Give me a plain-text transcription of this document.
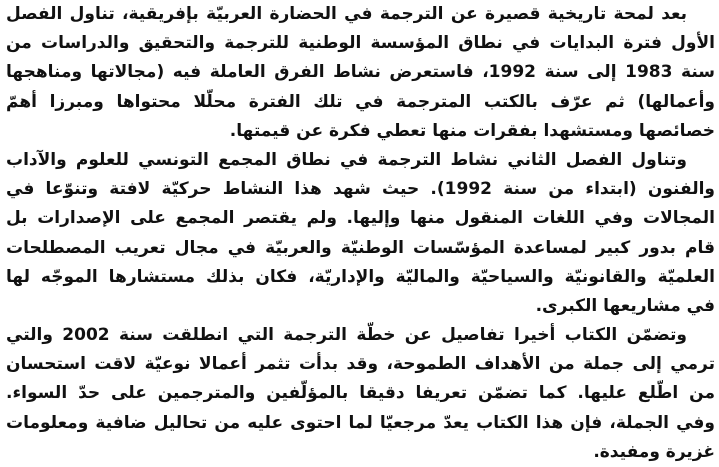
بعد لمحة تاريخية قصيرة عن الترجمة في الحضارة العربيّة بإفريقية، تناول الفصل
الأول فترة البدايات في نطاق المؤسسة الوطنية للترجمة والتحقيق والدراسات من
سنة 1983 إلى سنة 1992، فاستعرض نشاط الفرق العاملة فيه (مجالاتها ومناهجها
وأعمالها) ثم عرّف بالكتب المترجمة في تلك الفترة محلّلا محتواها ومبرزا أهمّ
خصائصها ومستشهدا بفقرات منها تعطي فكرة عن قيمتها.
وتناول الفصل الثاني نشاط الترجمة في نطاق المجمع التونسي للعلوم والآداب
والفنون (ابتداء من سنة 1992). حيث شهد هذا النشاط حركيّة لافتة وتنوّعا في
المجالات وفي اللغات المنقول منها وإليها. ولم يقتصر المجمع على الإصدارات بل
قام بدور كبير لمساعدة المؤسّسات الوطنيّة والعربيّة في مجال تعريب المصطلحات
العلميّة والقانونيّة والسياحيّة والماليّة والإداريّة، فكان بذلك مستشارها الموجّه لها
في مشاريعها الكبرى.
وتضمّن الكتاب أخيرا تفاصيل عن خطّة الترجمة التي انطلقت سنة 2002 والتي
ترمي إلى جملة من الأهداف الطموحة، وقد بدأت تثمر أعمالا نوعيّة لاقت استحسان
من اطّلع عليها. كما تضمّن تعريفا دقيقا بالمؤلّفين والمترجمين على حدّ السواء.
وفي الجملة، فإن هذا الكتاب يعدّ مرجعيّا لما احتوى عليه من تحاليل ضافية ومعلومات
غزيرة ومفيدة.
